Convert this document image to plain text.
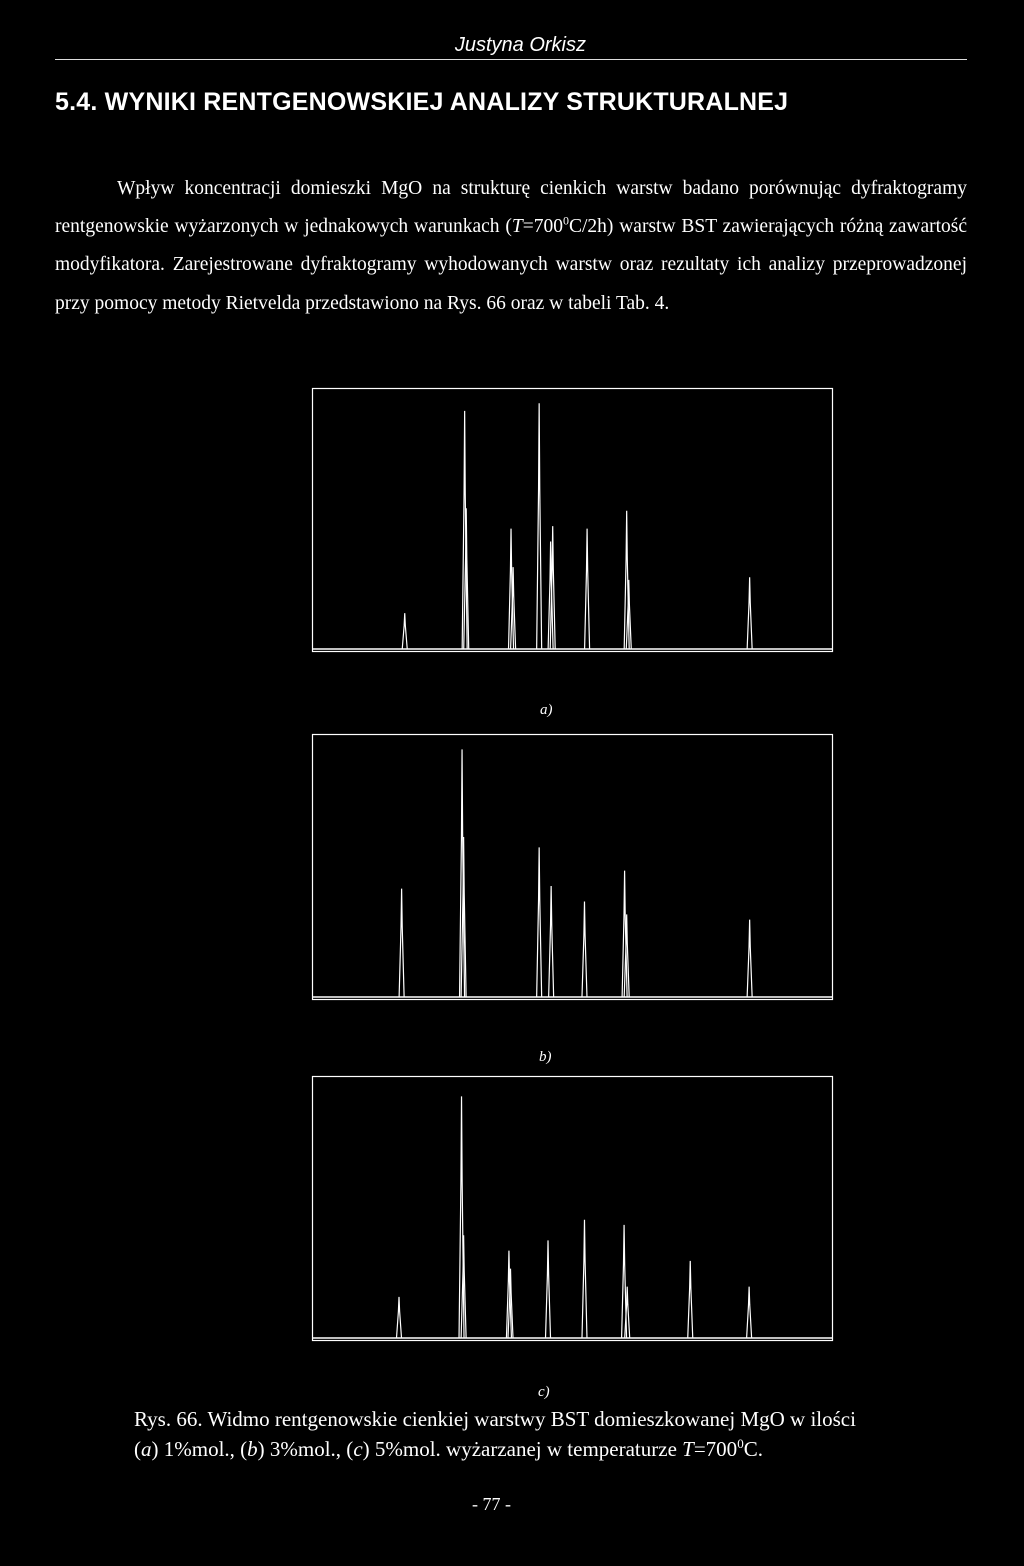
Justyna Orkisz
5.4. WYNIKI RENTGENOWSKIEJ ANALIZY STRUKTURALNEJ

Wpływ koncentracji domieszki MgO na strukturę cienkich warstw badano porównując dyfraktogramy rentgenowskie wyżarzonych w jednakowych warunkach $(T=700^0C/2h)$ warstw BST zawierających różną zawartość modyfikatora. Zarejestrowane dyfraktogramy wyhodowanych warstw oraz rezultaty ich analizy przeprowadzonej przy pomocy metody Rietvelda przedstawiono na Rys. 66 oraz w tabeli Tab. 4.

a)
b)
c)
Rys. 66. Widmo rentgenowskie cienkiej warstwy BST domieszkowanej MgO w ilości
(a) 1%mol., (b) 3%mol., (c) 5%mol. wyżarzanej w temperaturze $T=700^0C$.
- 77 -
